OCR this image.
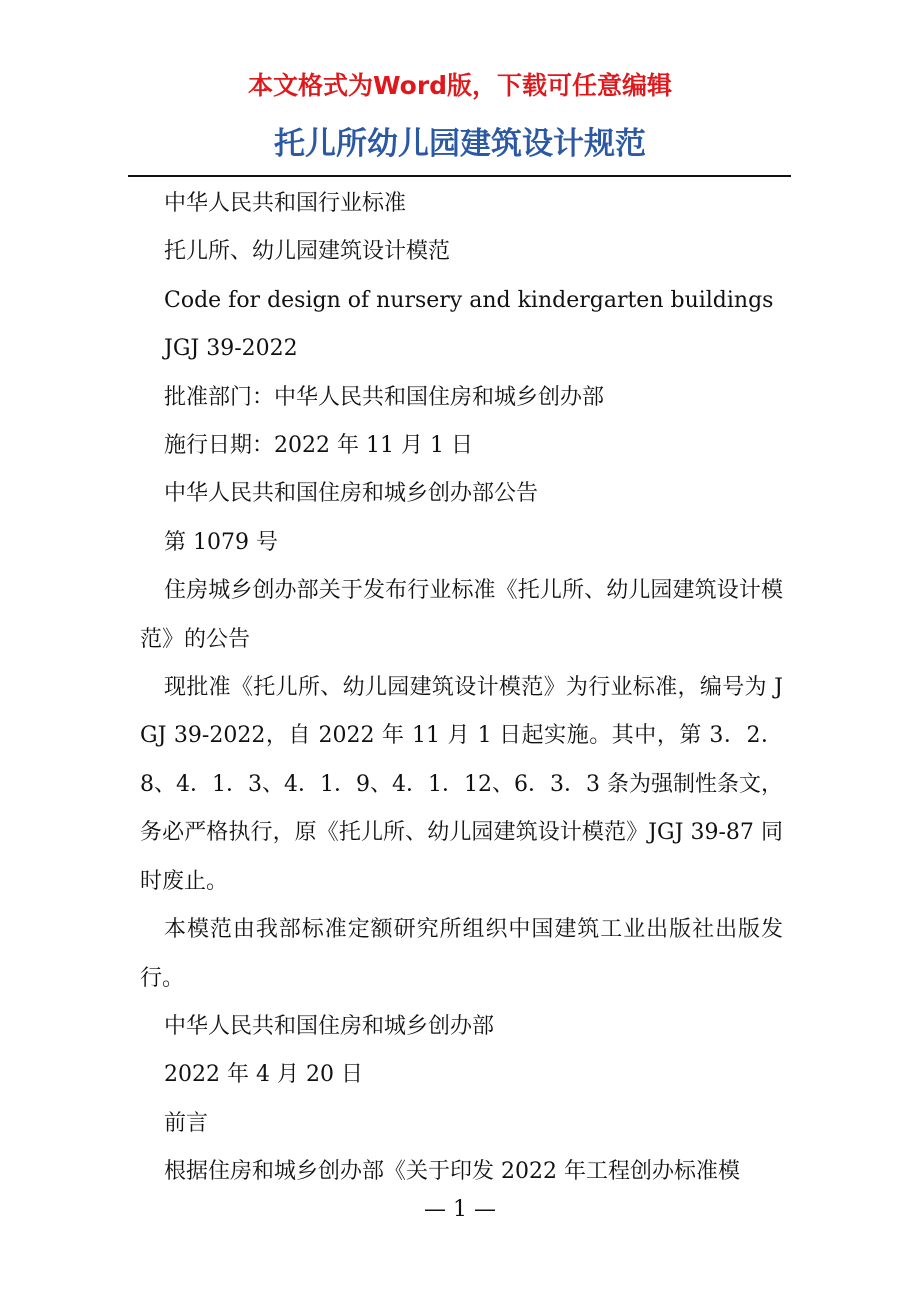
本文格式为Word版，下载可任意编辑
托儿所幼儿园建筑设计规范

中华人民共和国行业标准

托儿所、幼儿园建筑设计模范

Code for design of nursery and kindergarten buildings

JGJ 39-2022

批准部门：中华人民共和国住房和城乡创办部

施行日期：2022 年 11 月 1 日

中华人民共和国住房和城乡创办部公告

第 1079 号

住房城乡创办部关于发布行业标准《托儿所、幼儿园建筑设计模范》的公告

现批准《托儿所、幼儿园建筑设计模范》为行业标准，编号为 JGJ 39-2022，自 2022 年 11 月 1 日起实施。其中，第 3．2．8、4．1．3、4．1．9、4．1．12、6．3．3 条为强制性条文，务必严格执行，原《托儿所、幼儿园建筑设计模范》JGJ 39-87 同时废止。

本模范由我部标准定额研究所组织中国建筑工业出版社出版发行。

中华人民共和国住房和城乡创办部

2022 年 4 月 20 日

前言

根据住房和城乡创办部《关于印发 2022 年工程创办标准模

— 1 —
